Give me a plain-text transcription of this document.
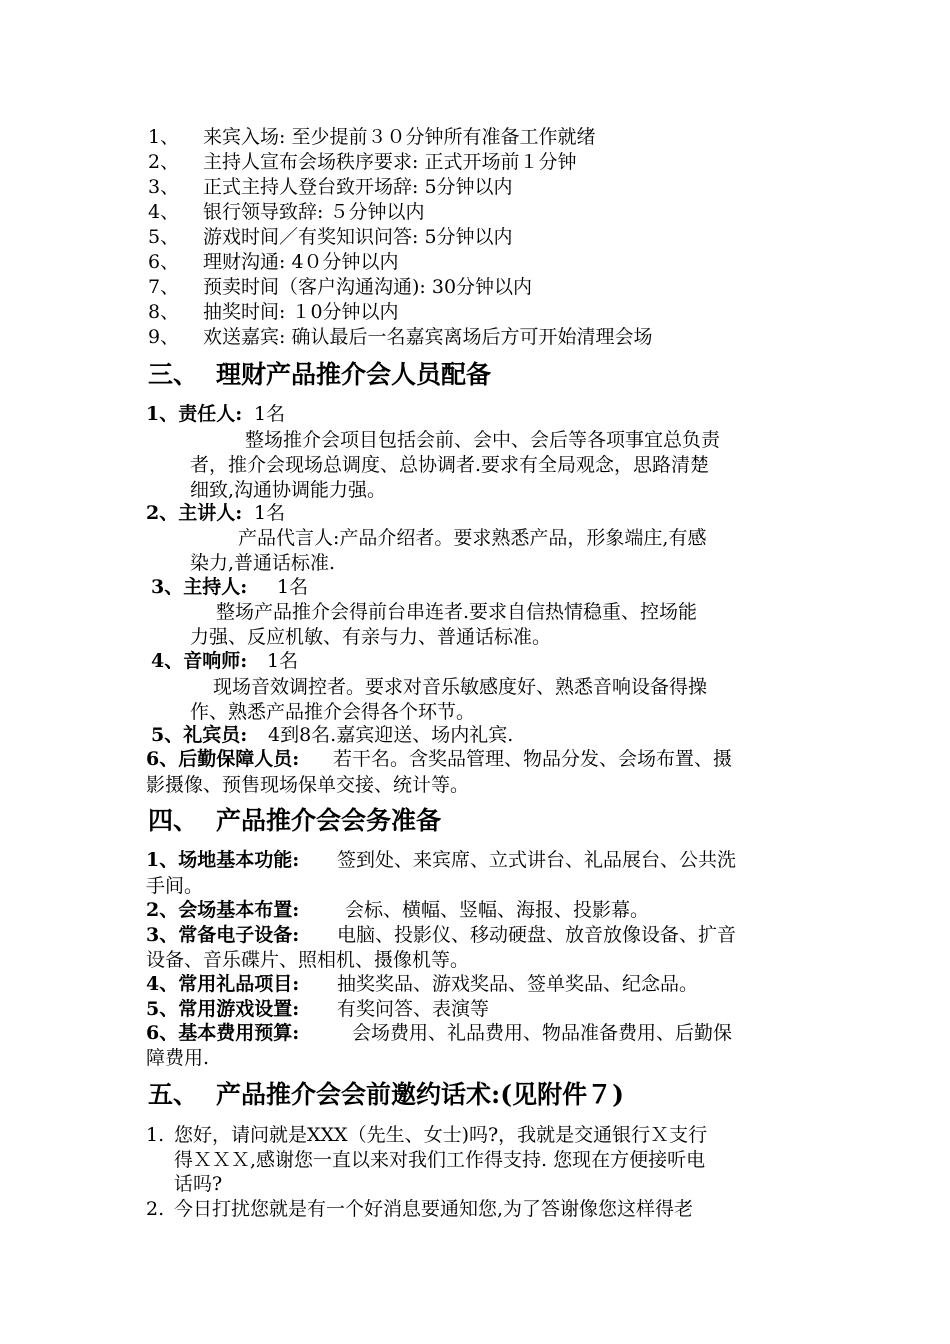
1、 来宾入场: 至少提前３０分钟所有准备工作就绪
2、 主持人宣布会场秩序要求: 正式开场前１分钟
3、 正式主持人登台致开场辞: 5分钟以内
4、 银行领导致辞: ５分钟以内
5、 游戏时间／有奖知识问答: 5分钟以内
6、 理财沟通: 4０分钟以内
7、 预卖时间（客户沟通沟通): 30分钟以内
8、 抽奖时间: １0分钟以内
9、 欢送嘉宾: 确认最后一名嘉宾离场后方可开始清理会场
三、 理财产品推介会人员配备
1、责任人: 1名
整场推介会项目包括会前、会中、会后等各项事宜总负责
者，推介会现场总调度、总协调者.要求有全局观念，思路清楚
细致,沟通协调能力强。
2、主讲人: 1名
产品代言人:产品介绍者。要求熟悉产品，形象端庄,有感
染力,普通话标准.
3、主持人: 1名
整场产品推介会得前台串连者.要求自信热情稳重、控场能
力强、反应机敏、有亲与力、普通话标准。
4、音响师: 1名
现场音效调控者。要求对音乐敏感度好、熟悉音响设备得操
作、熟悉产品推介会得各个环节。
5、礼宾员: 4到8名.嘉宾迎送、场内礼宾.
6、后勤保障人员: 若干名。含奖品管理、物品分发、会场布置、摄
影摄像、预售现场保单交接、统计等。
四、 产品推介会会务准备
1、场地基本功能: 签到处、来宾席、立式讲台、礼品展台、公共洗
手间。
2、会场基本布置: 会标、横幅、竖幅、海报、投影幕。
3、常备电子设备: 电脑、投影仪、移动硬盘、放音放像设备、扩音
设备、音乐碟片、照相机、摄像机等。
4、常用礼品项目: 抽奖奖品、游戏奖品、签单奖品、纪念品。
5、常用游戏设置: 有奖问答、表演等
6、基本费用预算:	会场费用、礼品费用、物品准备费用、后勤保
障费用.
五、 产品推介会会前邀约话术:(见附件７)
1. 您好，请问就是XXX（先生、女士)吗?，我就是交通银行Ｘ支行
得ＸＸＸ,感谢您一直以来对我们工作得支持. 您现在方便接听电
话吗?
2. 今日打扰您就是有一个好消息要通知您,为了答谢像您这样得老
